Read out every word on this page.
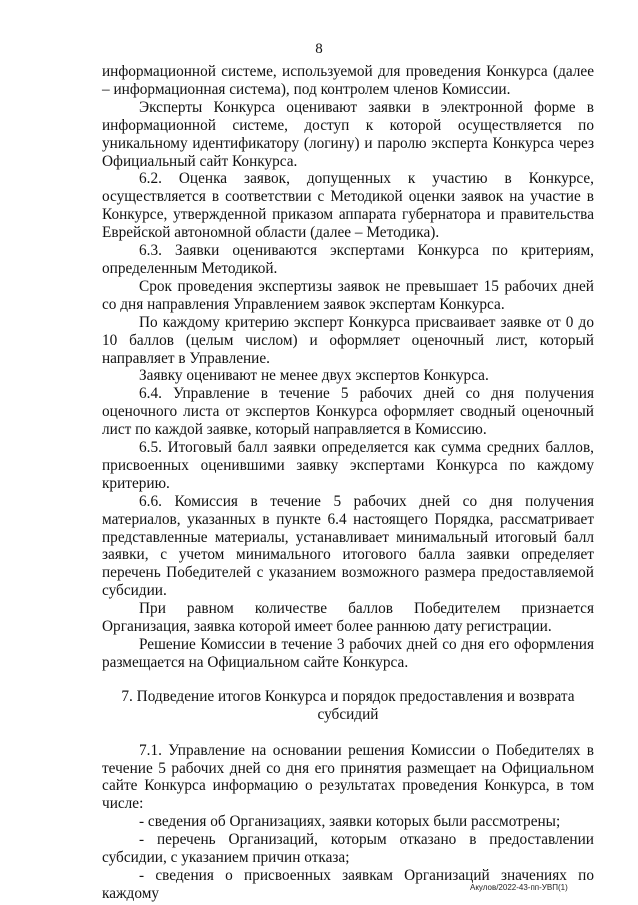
8

информационной системе, используемой для проведения Конкурса (далее – информационная система), под контролем членов Комиссии.

Эксперты Конкурса оценивают заявки в электронной форме в информационной системе, доступ к которой осуществляется по уникальному идентификатору (логину) и паролю эксперта Конкурса через Официальный сайт Конкурса.

6.2. Оценка заявок, допущенных к участию в Конкурсе, осуществляется в соответствии с Методикой оценки заявок на участие в Конкурсе, утвержденной приказом аппарата губернатора и правительства Еврейской автономной области (далее – Методика).

6.3. Заявки оцениваются экспертами Конкурса по критериям, определенным Методикой.

Срок проведения экспертизы заявок не превышает 15 рабочих дней со дня направления Управлением заявок экспертам Конкурса.

По каждому критерию эксперт Конкурса присваивает заявке от 0 до 10 баллов (целым числом) и оформляет оценочный лист, который направляет в Управление.

Заявку оценивают не менее двух экспертов Конкурса.

6.4. Управление в течение 5 рабочих дней со дня получения оценочного листа от экспертов Конкурса оформляет сводный оценочный лист по каждой заявке, который направляется в Комиссию.

6.5. Итоговый балл заявки определяется как сумма средних баллов, присвоенных оценившими заявку экспертами Конкурса по каждому критерию.

6.6. Комиссия в течение 5 рабочих дней со дня получения материалов, указанных в пункте 6.4 настоящего Порядка, рассматривает представленные материалы, устанавливает минимальный итоговый балл заявки, с учетом минимального итогового балла заявки определяет перечень Победителей с указанием возможного размера предоставляемой субсидии.

При равном количестве баллов Победителем признается Организация, заявка которой имеет более раннюю дату регистрации.

Решение Комиссии в течение 3 рабочих дней со дня его оформления размещается на Официальном сайте Конкурса.

7. Подведение итогов Конкурса и порядок предоставления и возврата
субсидий

7.1. Управление на основании решения Комиссии о Победителях в течение 5 рабочих дней со дня его принятия размещает на Официальном сайте Конкурса информацию о результатах проведения Конкурса, в том числе:

- сведения об Организациях, заявки которых были рассмотрены;

- перечень Организаций, которым отказано в предоставлении субсидии, с указанием причин отказа;

- сведения о присвоенных заявкам Организаций значениях по каждому	Акулов/2022-43-пп-УВП(1)
